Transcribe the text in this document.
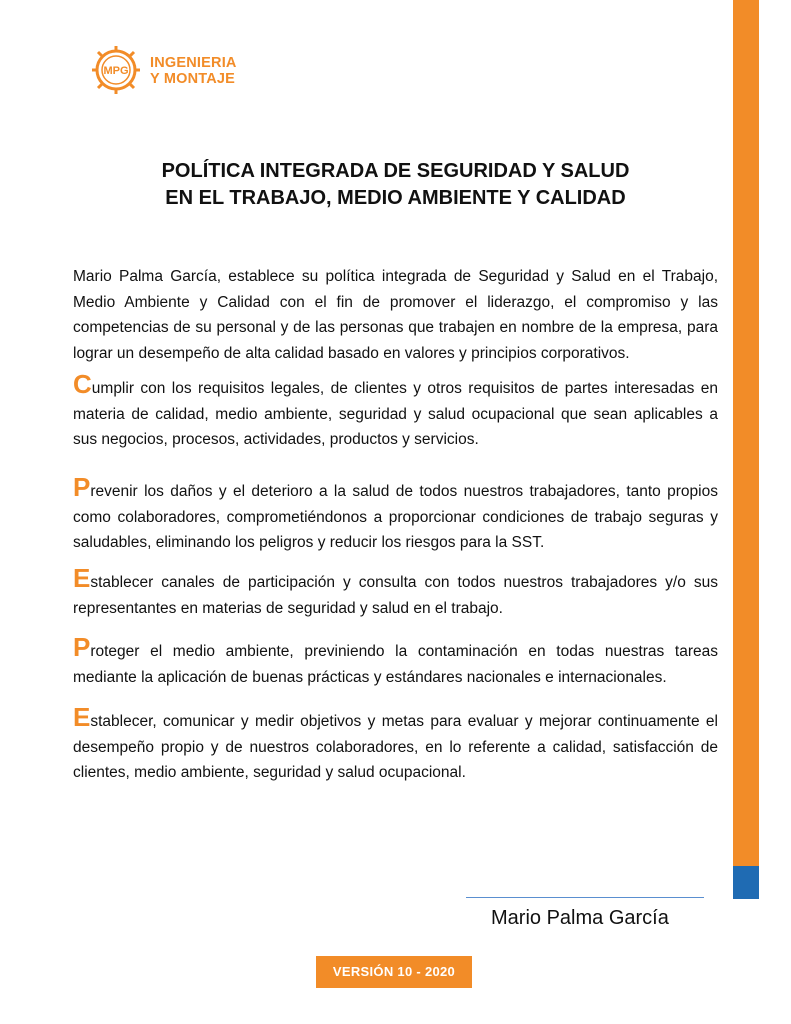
MPG INGENIERIA
Y MONTAJE
POLÍTICA INTEGRADA DE SEGURIDAD Y SALUD
EN EL TRABAJO, MEDIO AMBIENTE Y CALIDAD

Mario Palma García, establece su política integrada de Seguridad y Salud en el Trabajo, Medio Ambiente y Calidad con el fin de promover el liderazgo, el compromiso y las competencias de su personal y de las personas que trabajen en nombre de la empresa, para lograr un desempeño de alta calidad basado en valores y principios corporativos.

Cumplir con los requisitos legales, de clientes y otros requisitos de partes interesadas en materia de calidad, medio ambiente, seguridad y salud ocupacional que sean aplicables a sus negocios, procesos, actividades, productos y servicios.

Prevenir los daños y el deterioro a la salud de todos nuestros trabajadores, tanto propios como colaboradores, comprometiéndonos a proporcionar condiciones de trabajo seguras y saludables, eliminando los peligros y reducir los riesgos para la SST.

Establecer canales de participación y consulta con todos nuestros trabajadores y/o sus representantes en materias de seguridad y salud en el trabajo.

Proteger el medio ambiente, previniendo la contaminación en todas nuestras tareas mediante la aplicación de buenas prácticas y estándares nacionales e internacionales.

Establecer, comunicar y medir objetivos y metas para evaluar y mejorar continuamente el desempeño propio y de nuestros colaboradores, en lo referente a calidad, satisfacción de clientes, medio ambiente, seguridad y salud ocupacional.

Mario Palma García
VERSIÓN 10 - 2020
